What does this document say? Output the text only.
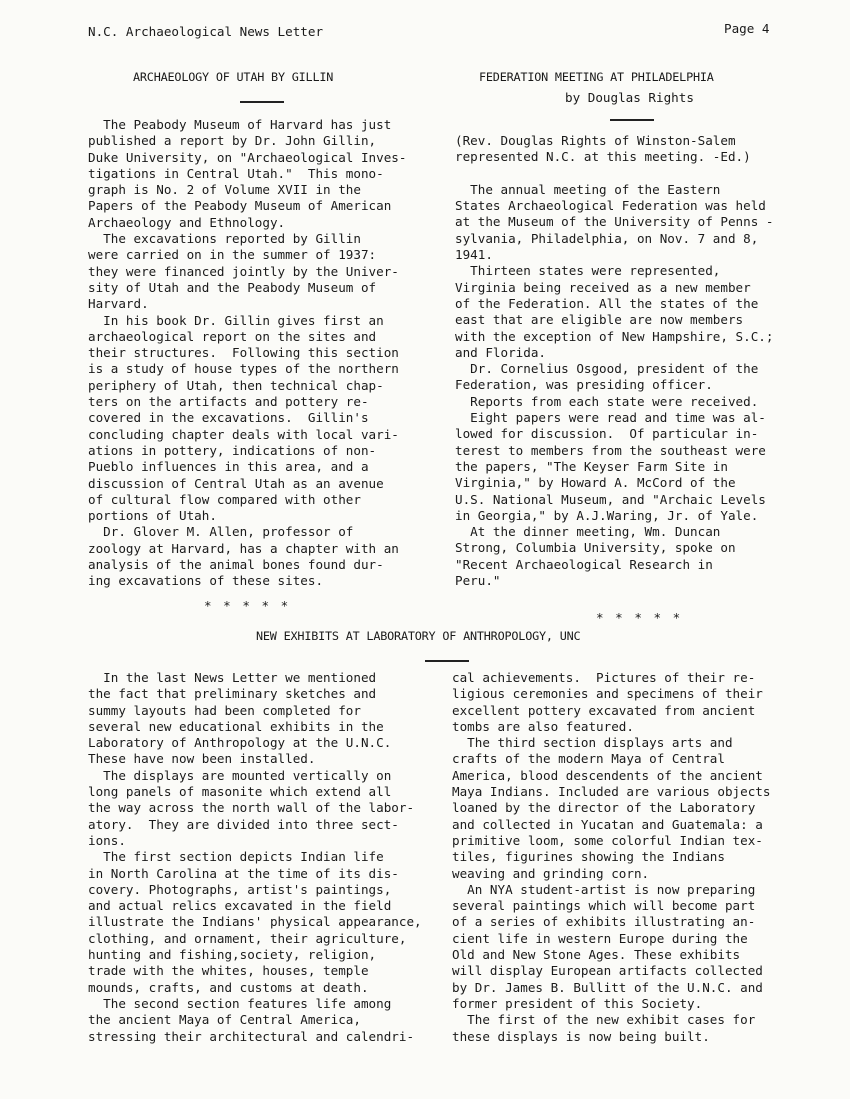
N.C. Archaeological News Letter	Page 4
ARCHAEOLOGY OF UTAH BY GILLIN
The Peabody Museum of Harvard has just
published a report by Dr. John Gillin,
Duke University, on "Archaeological Inves-
tigations in Central Utah."  This mono-
graph is No. 2 of Volume XVII in the
Papers of the Peabody Museum of American
Archaeology and Ethnology.
The excavations reported by Gillin
were carried on in the summer of 1937:
they were financed jointly by the Univer-
sity of Utah and the Peabody Museum of
Harvard.
In his book Dr. Gillin gives first an
archaeological report on the sites and
their structures.  Following this section
is a study of house types of the northern
periphery of Utah, then technical chap-
ters on the artifacts and pottery re-
covered in the excavations.  Gillin's
concluding chapter deals with local vari-
ations in pottery, indications of non-
Pueblo influences in this area, and a
discussion of Central Utah as an avenue
of cultural flow compared with other
portions of Utah.
Dr. Glover M. Allen, professor of
zoology at Harvard, has a chapter with an
analysis of the animal bones found dur-
ing excavations of these sites.
* * * * *
FEDERATION MEETING AT PHILADELPHIA
by Douglas Rights
(Rev. Douglas Rights of Winston-Salem
represented N.C. at this meeting. -Ed.)

The annual meeting of the Eastern
States Archaeological Federation was held
at the Museum of the University of Penns -
sylvania, Philadelphia, on Nov. 7 and 8,
1941.
Thirteen states were represented,
Virginia being received as a new member
of the Federation. All the states of the
east that are eligible are now members
with the exception of New Hampshire, S.C.;
and Florida.
Dr. Cornelius Osgood, president of the
Federation, was presiding officer.
Reports from each state were received.
Eight papers were read and time was al-
lowed for discussion.  Of particular in-
terest to members from the southeast were
the papers, "The Keyser Farm Site in
Virginia," by Howard A. McCord of the
U.S. National Museum, and "Archaic Levels
in Georgia," by A.J.Waring, Jr. of Yale.
At the dinner meeting, Wm. Duncan
Strong, Columbia University, spoke on
"Recent Archaeological Research in
Peru."
* * * * *
NEW EXHIBITS AT LABORATORY OF ANTHROPOLOGY, UNC
In the last News Letter we mentioned
the fact that preliminary sketches and
summy layouts had been completed for
several new educational exhibits in the
Laboratory of Anthropology at the U.N.C.
These have now been installed.
The displays are mounted vertically on
long panels of masonite which extend all
the way across the north wall of the labor-
atory.  They are divided into three sect-
ions.
The first section depicts Indian life
in North Carolina at the time of its dis-
covery. Photographs, artist's paintings,
and actual relics excavated in the field
illustrate the Indians' physical appearance,
clothing, and ornament, their agriculture,
hunting and fishing,society, religion,
trade with the whites, houses, temple
mounds, crafts, and customs at death.
The second section features life among
the ancient Maya of Central America,
stressing their architectural and calendri-
cal achievements.  Pictures of their re-
ligious ceremonies and specimens of their
excellent pottery excavated from ancient
tombs are also featured.
The third section displays arts and
crafts of the modern Maya of Central
America, blood descendents of the ancient
Maya Indians. Included are various objects
loaned by the director of the Laboratory
and collected in Yucatan and Guatemala: a
primitive loom, some colorful Indian tex-
tiles, figurines showing the Indians
weaving and grinding corn.
An NYA student-artist is now preparing
several paintings which will become part
of a series of exhibits illustrating an-
cient life in western Europe during the
Old and New Stone Ages. These exhibits
will display European artifacts collected
by Dr. James B. Bullitt of the U.N.C. and
former president of this Society.
The first of the new exhibit cases for
these displays is now being built.
